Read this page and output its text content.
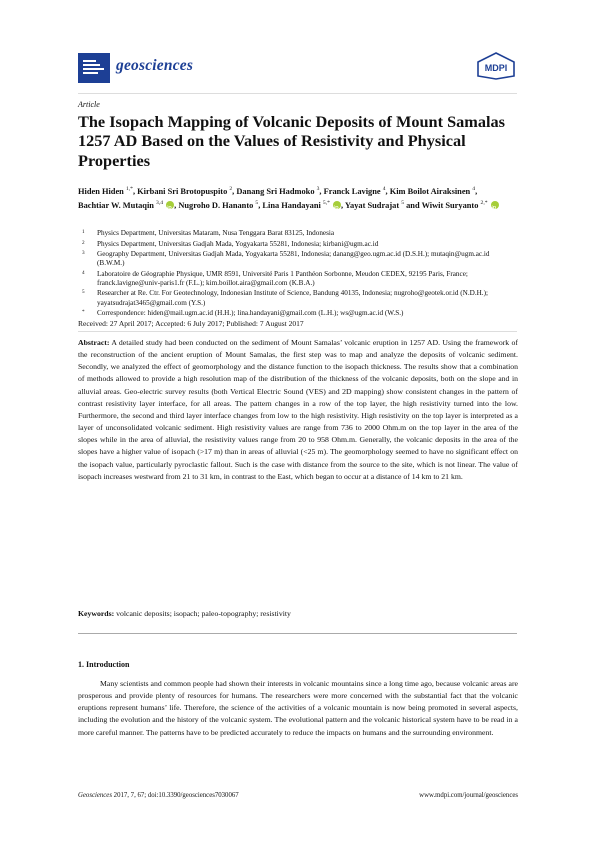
geosciences	MDPI
Article
The Isopach Mapping of Volcanic Deposits of Mount Samalas 1257 AD Based on the Values of Resistivity and Physical Properties
Hiden Hiden $^{1,*}$, Kirbani Sri Brotopuspito $^2$, Danang Sri Hadmoko $^3$, Franck Lavigne $^4$, Kim Boilot Airaksinen $^4$, Bachtiar W. Mutaqin $^{3,4}$ iD , Nugroho D. Hananto $^5$, Lina Handayani $^{5,*}$ iD , Yayat Sudrajat $^5$ and Wiwit Suryanto $^{2,*}$ iD
1 Physics Department, Universitas Mataram, Nusa Tenggara Barat 83125, Indonesia
2 Physics Department, Universitas Gadjah Mada, Yogyakarta 55281, Indonesia; kirbani@ugm.ac.id
3 Geography Department, Universitas Gadjah Mada, Yogyakarta 55281, Indonesia; danang@geo.ugm.ac.id (D.S.H.); mutaqin@ugm.ac.id (B.W.M.)
4 Laboratoire de Géographie Physique, UMR 8591, Université Paris 1 Panthéon Sorbonne, Meudon CEDEX, 92195 Paris, France; franck.lavigne@univ-paris1.fr (F.L.); kim.boillot.aira@gmail.com (K.B.A.)
5 Researcher at Re. Ctr. For Geotechnology, Indonesian Institute of Science, Bandung 40135, Indonesia; nugroho@geotek.or.id (N.D.H.); yayatsudrajat3465@gmail.com (Y.S.)
* Correspondence: hiden@mail.ugm.ac.id (H.H.); lina.handayani@gmail.com (L.H.); ws@ugm.ac.id (W.S.)
Received: 27 April 2017; Accepted: 6 July 2017; Published: 7 August 2017

Abstract: A detailed study had been conducted on the sediment of Mount Samalas’ volcanic eruption in 1257 AD. Using the framework of the reconstruction of the ancient eruption of Mount Samalas, the first step was to map and analyze the deposits of volcanic sediment. Secondly, we analyzed the effect of geomorphology and the distance function to the isopach thickness. The results show that a combination of methods allowed to provide a high resolution map of the distribution of the thickness of the volcanic deposits, both on the slope and in alluvial areas. Geo-electric survey results (both Vertical Electric Sound (VES) and 2D mapping) show consistent changes in the pattern of contrast resistivity layer interface, for all areas. The pattern changes in a row of the top layer, the high resistivity turned into the low. Furthermore, the second and third layer interface changes from low to the high resistivity. High resistivity on the top layer is interpreted as a layer of unconsolidated volcanic sediment. High resistivity values are range from 736 to 2000 Ohm.m on the top layer in the area of the slopes while in the area of alluvial, the resistivity values range from 20 to 958 Ohm.m. Generally, the volcanic deposits in the area of the slopes have a higher value of isopach (>17 m) than in areas of alluvial (<25 m). The geomorphology seemed to have no significant effect on the isopach value, particularly pyroclastic fallout. Such is the case with distance from the source to the site, which is not linear. The value of isopach increases westward from 21 to 31 km, in contrast to the East, which began to occur at a distance of 14 km to 21 km.

Keywords: volcanic deposits; isopach; paleo-topography; resistivity
1. Introduction

Many scientists and common people had shown their interests in volcanic mountains since a long time ago, because volcanic areas are prosperous and provide plenty of resources for humans. The researchers were more concerned with the substantial fact that the volcanic eruptions represent humans’ life. Therefore, the science of the activities of a volcanic mountain is now being promoted in several aspects, including the evolution and the history of the volcanic system. The evolutional pattern and the volcanic historical system have to be read in a more careful manner. The patterns have to be predicted accurately to reduce the impacts on humans and the surrounding environment.

Geosciences 2017, 7, 67; doi:10.3390/geosciences7030067	www.mdpi.com/journal/geosciences
